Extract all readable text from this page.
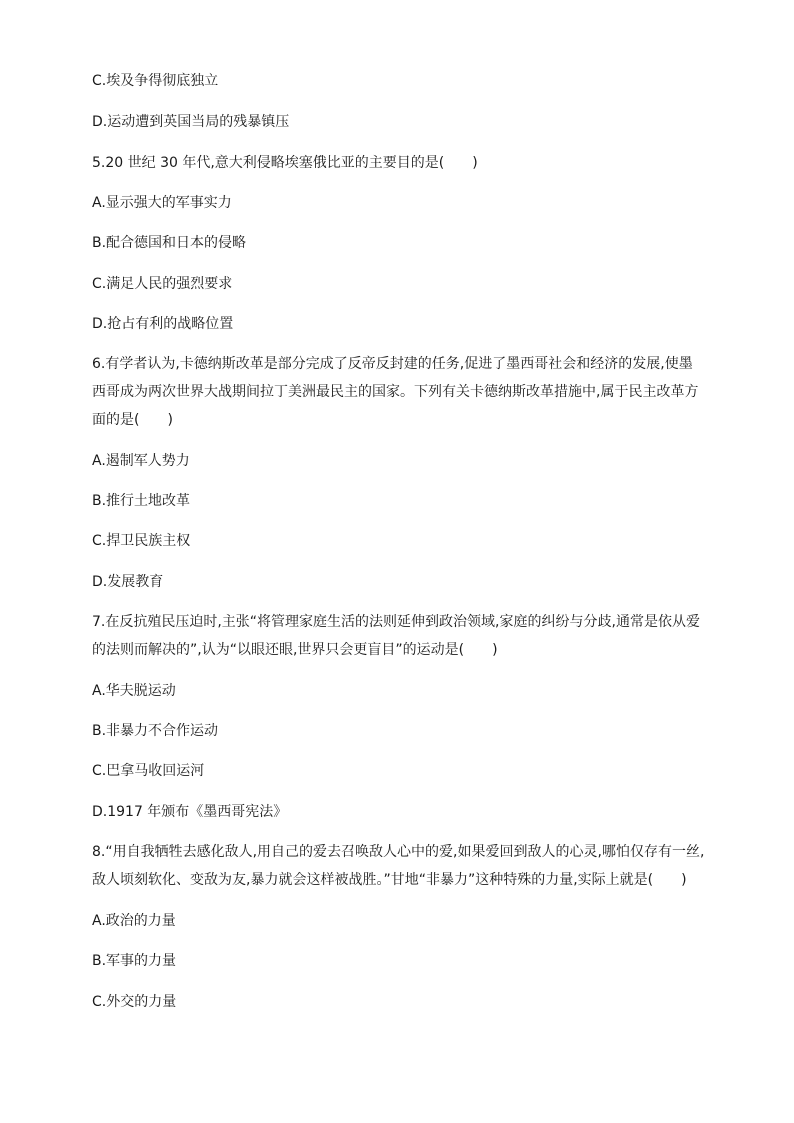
C.埃及争得彻底独立
D.运动遭到英国当局的残暴镇压
5.20 世纪 30 年代,意大利侵略埃塞俄比亚的主要目的是(　　)
A.显示强大的军事实力
B.配合德国和日本的侵略
C.满足人民的强烈要求
D.抢占有利的战略位置
6.有学者认为,卡德纳斯改革是部分完成了反帝反封建的任务,促进了墨西哥社会和经济的发展,使墨
西哥成为两次世界大战期间拉丁美洲最民主的国家。下列有关卡德纳斯改革措施中,属于民主改革方
面的是(　　)
A.遏制军人势力
B.推行土地改革
C.捍卫民族主权
D.发展教育
7.在反抗殖民压迫时,主张“将管理家庭生活的法则延伸到政治领域,家庭的纠纷与分歧,通常是依从爱
的法则而解决的”,认为“以眼还眼,世界只会更盲目”的运动是(　　)
A.华夫脱运动
B.非暴力不合作运动
C.巴拿马收回运河
D.1917 年颁布《墨西哥宪法》
8.“用自我牺牲去感化敌人,用自己的爱去召唤敌人心中的爱,如果爱回到敌人的心灵,哪怕仅存有一丝,
敌人顷刻软化、变敌为友,暴力就会这样被战胜。”甘地“非暴力”这种特殊的力量,实际上就是(　　)
A.政治的力量
B.军事的力量
C.外交的力量
